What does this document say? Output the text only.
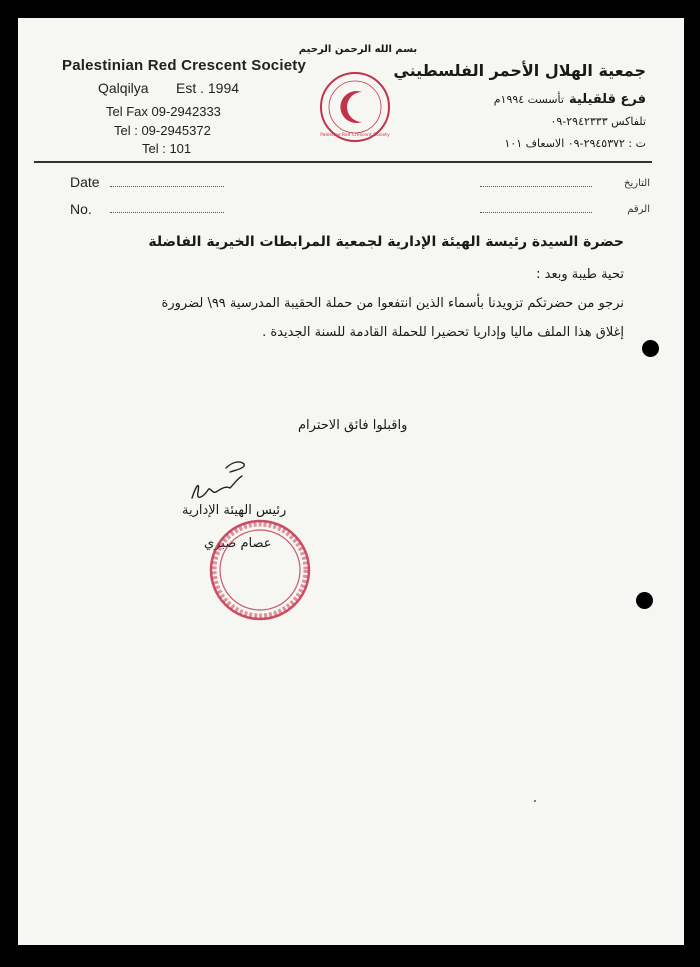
Palestinian Red Crescent Society
Qalqilya Est . 1994
Tel Fax 09-2942333
Tel : 09-2945372
Tel : 101
بسم الله الرحمن الرحيم
Palestine Red Crescent Society
جمعية الهلال الأحمر الفلسطيني
فرع قلقيلية تأسست ١٩٩٤م
تلفاكس ٢٩٤٢٣٣٣-٠٩
ت : ٢٩٤٥٣٧٢-٠٩ الاسعاف ١٠١
Date
No.
التاريخ
الرقم
حضرة السيدة رئيسة الهيئة الإدارية لجمعية المرابطات الخيرية الفاضلة
تحية طيبة وبعد :
نرجو من حضرتكم تزويدنا بأسماء الذين انتفعوا من حملة الحقيبة المدرسية ٩٩\ لضرورة
إغلاق هذا الملف ماليا وإداريا تحضيرا للحملة القادمة للسنة الجديدة .
واقبلوا فائق الاحترام
رئيس الهيئة الإدارية
عصام صبري
